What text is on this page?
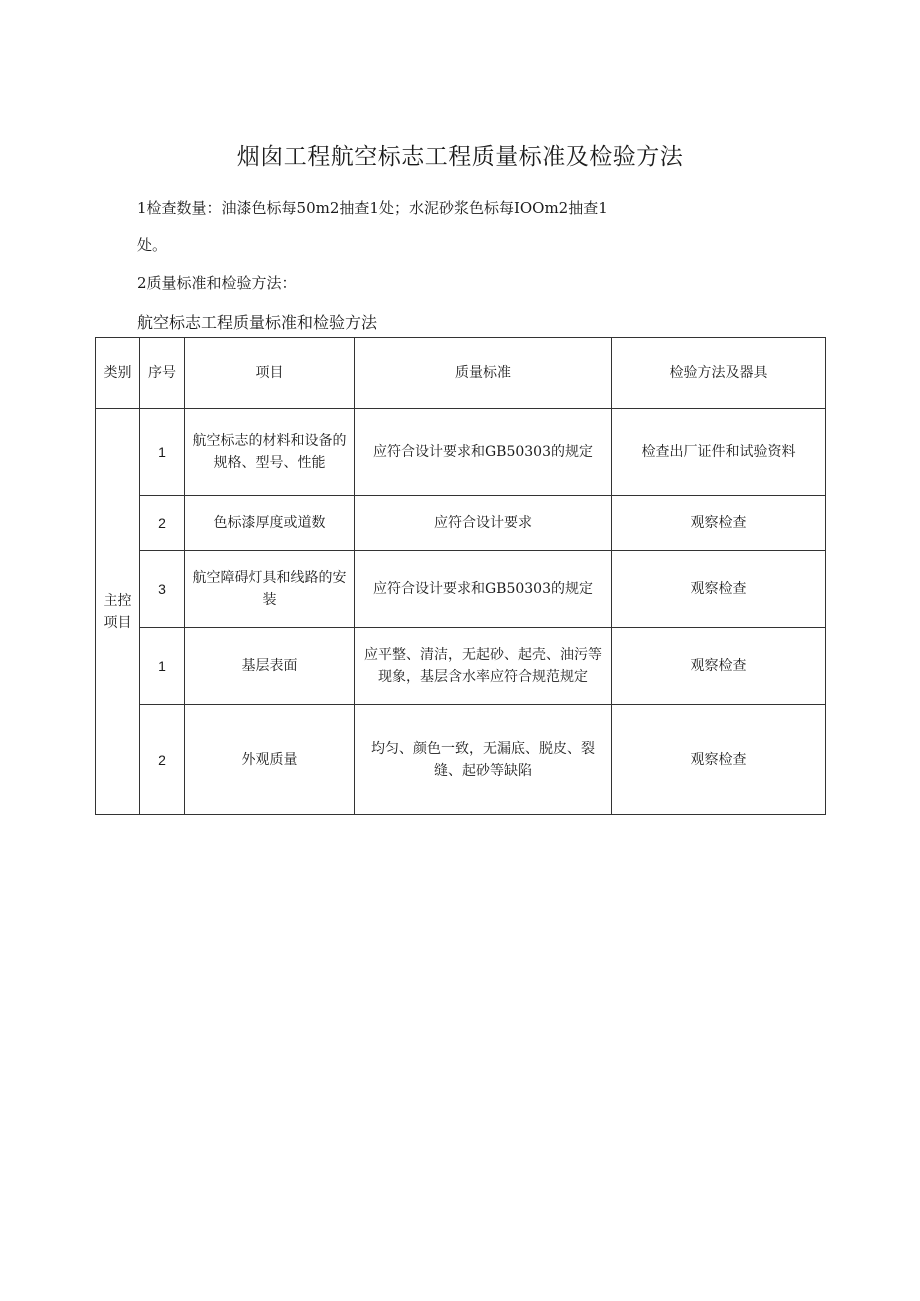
烟囱工程航空标志工程质量标准及检验方法
1检查数量：油漆色标每50m2抽查1处；水泥砂浆色标每IOOm2抽查1
处。
2质量标准和检验方法：
航空标志工程质量标准和检验方法
类别	序号	项目	质量标准	检验方法及器具
主控项目	1	航空标志的材料和设备的规格、型号、性能	应符合设计要求和GB50303的规定	检查出厂证件和试验资料
	2	色标漆厚度或道数	应符合设计要求	观察检查
	3	航空障碍灯具和线路的安装	应符合设计要求和GB50303的规定	观察检查
	1	基层表面	应平整、清洁，无起砂、起壳、油污等现象，基层含水率应符合规范规定	观察检查
	2	外观质量	均匀、颜色一致，无漏底、脱皮、裂缝、起砂等缺陷	观察检查
